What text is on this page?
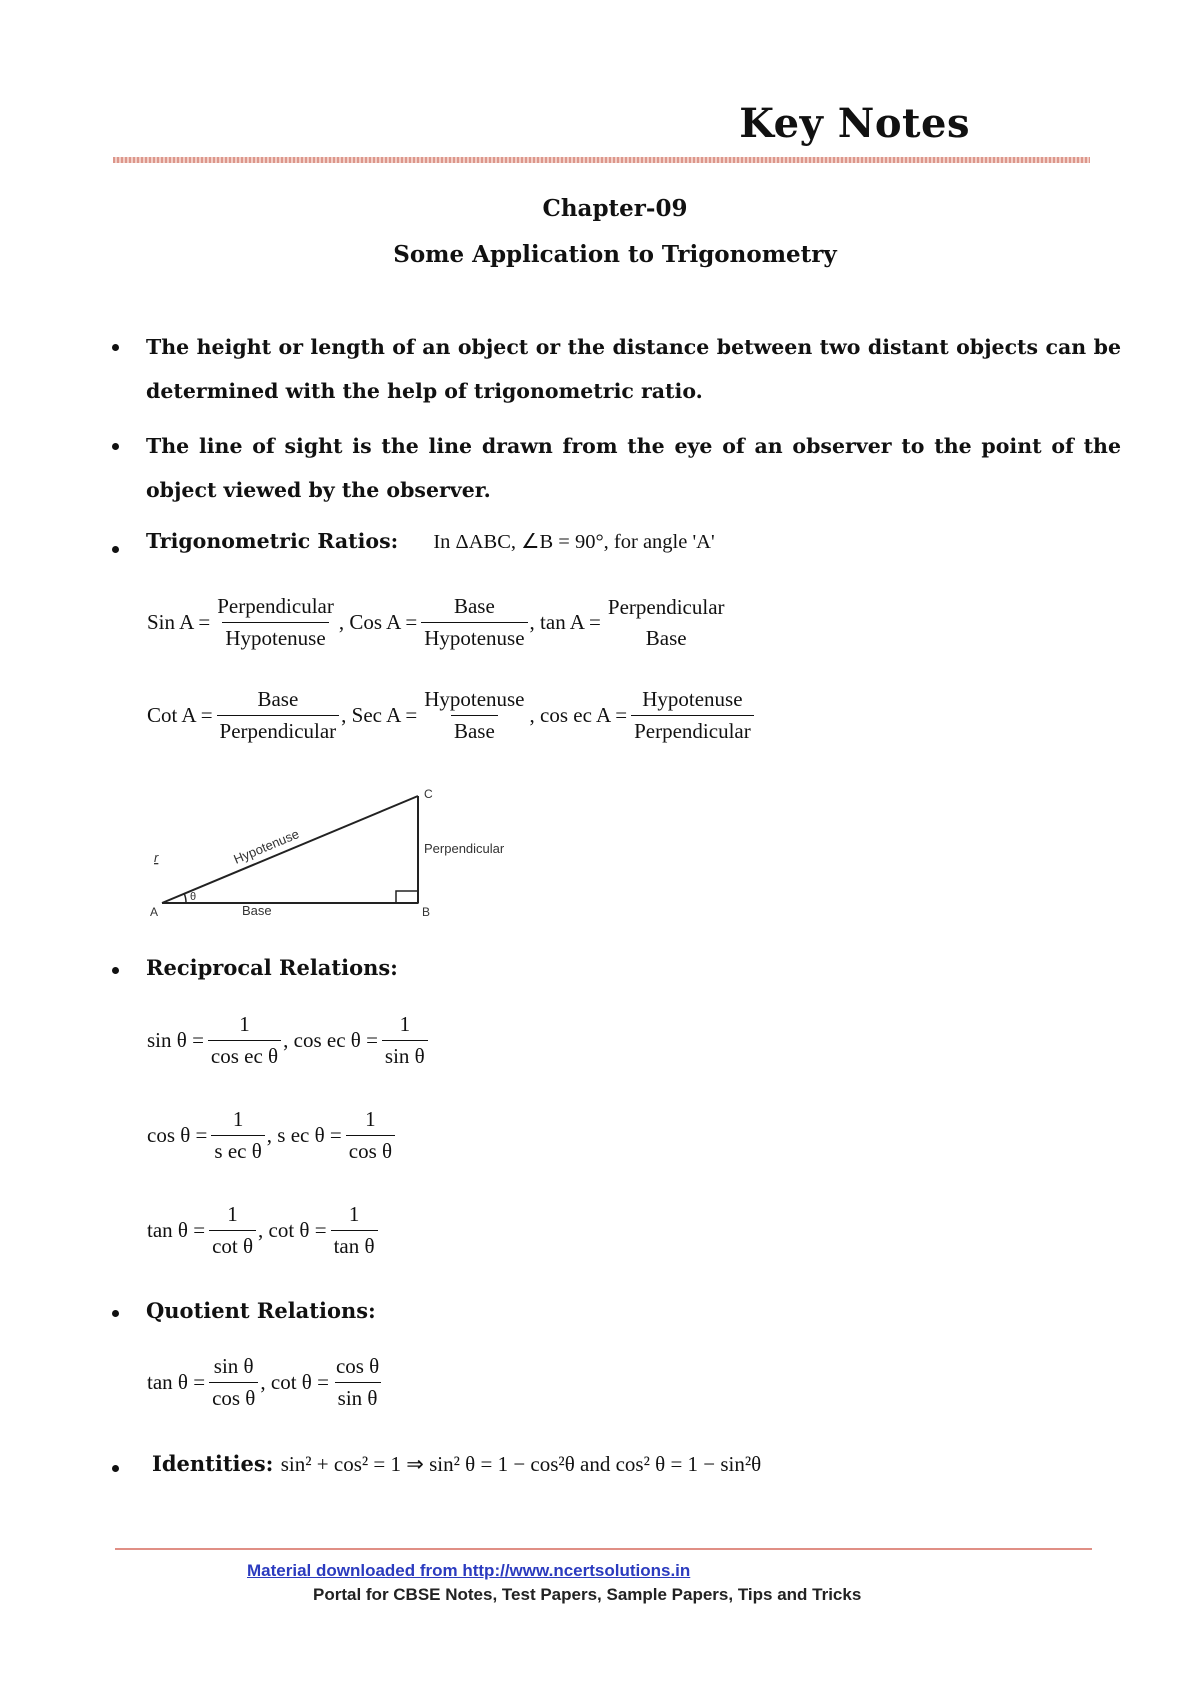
Key Notes
Chapter-09
Some Application to Trigonometry
The height or length of an object or the distance between two distant objects can be determined with the help of trigonometric ratio.
The line of sight is the line drawn from the eye of an observer to the point of the object viewed by the observer.
Trigonometric Ratios: In ΔABC, ∠B = 90°, for angle 'A'
Sin $A = \frac{\text{Perpendicular}}{\text{Hypotenuse}}$ , Cos $A = \frac{\text{Base}}{\text{Hypotenuse}}$ , tan A =
Perpendicular
Base
Cot $A = \frac{\text{Base}}{\text{Perpendicular}}$ , Sec $A = \frac{\text{Hypotenuse}}{\text{Base}}$ , cos ec $A = \frac{\text{Hypotenuse}}{\text{Perpendicular}}$
A	B
C
θ
Base
Perpendicular
Hypotenuse
r
Reciprocal Relations:
$\sin \theta = \frac{1}{\text{cos ec θ}}$ , cos ec $\theta = \frac{1}{\text{sin θ}}$
$\cos \theta = \frac{1}{\text{s ec θ}}$ , s ec $\theta = \frac{1}{\text{cos θ}}$
$\tan \theta = \frac{1}{\text{cot θ}}$ , $\cot \theta = \frac{1}{\text{tan θ}}$
Quotient Relations:
$\tan \theta = \frac{\text{sin θ}}{\text{cos θ}}$ , $\cot \theta = \frac{\text{cos θ}}{\text{sin θ}}$
Identities: sin² + cos² = 1 ⇒ sin² θ = 1 − cos²θ and cos² θ = 1 − sin²θ
Material downloaded from http://www.ncertsolutions.in
Portal for CBSE Notes, Test Papers, Sample Papers, Tips and Tricks
